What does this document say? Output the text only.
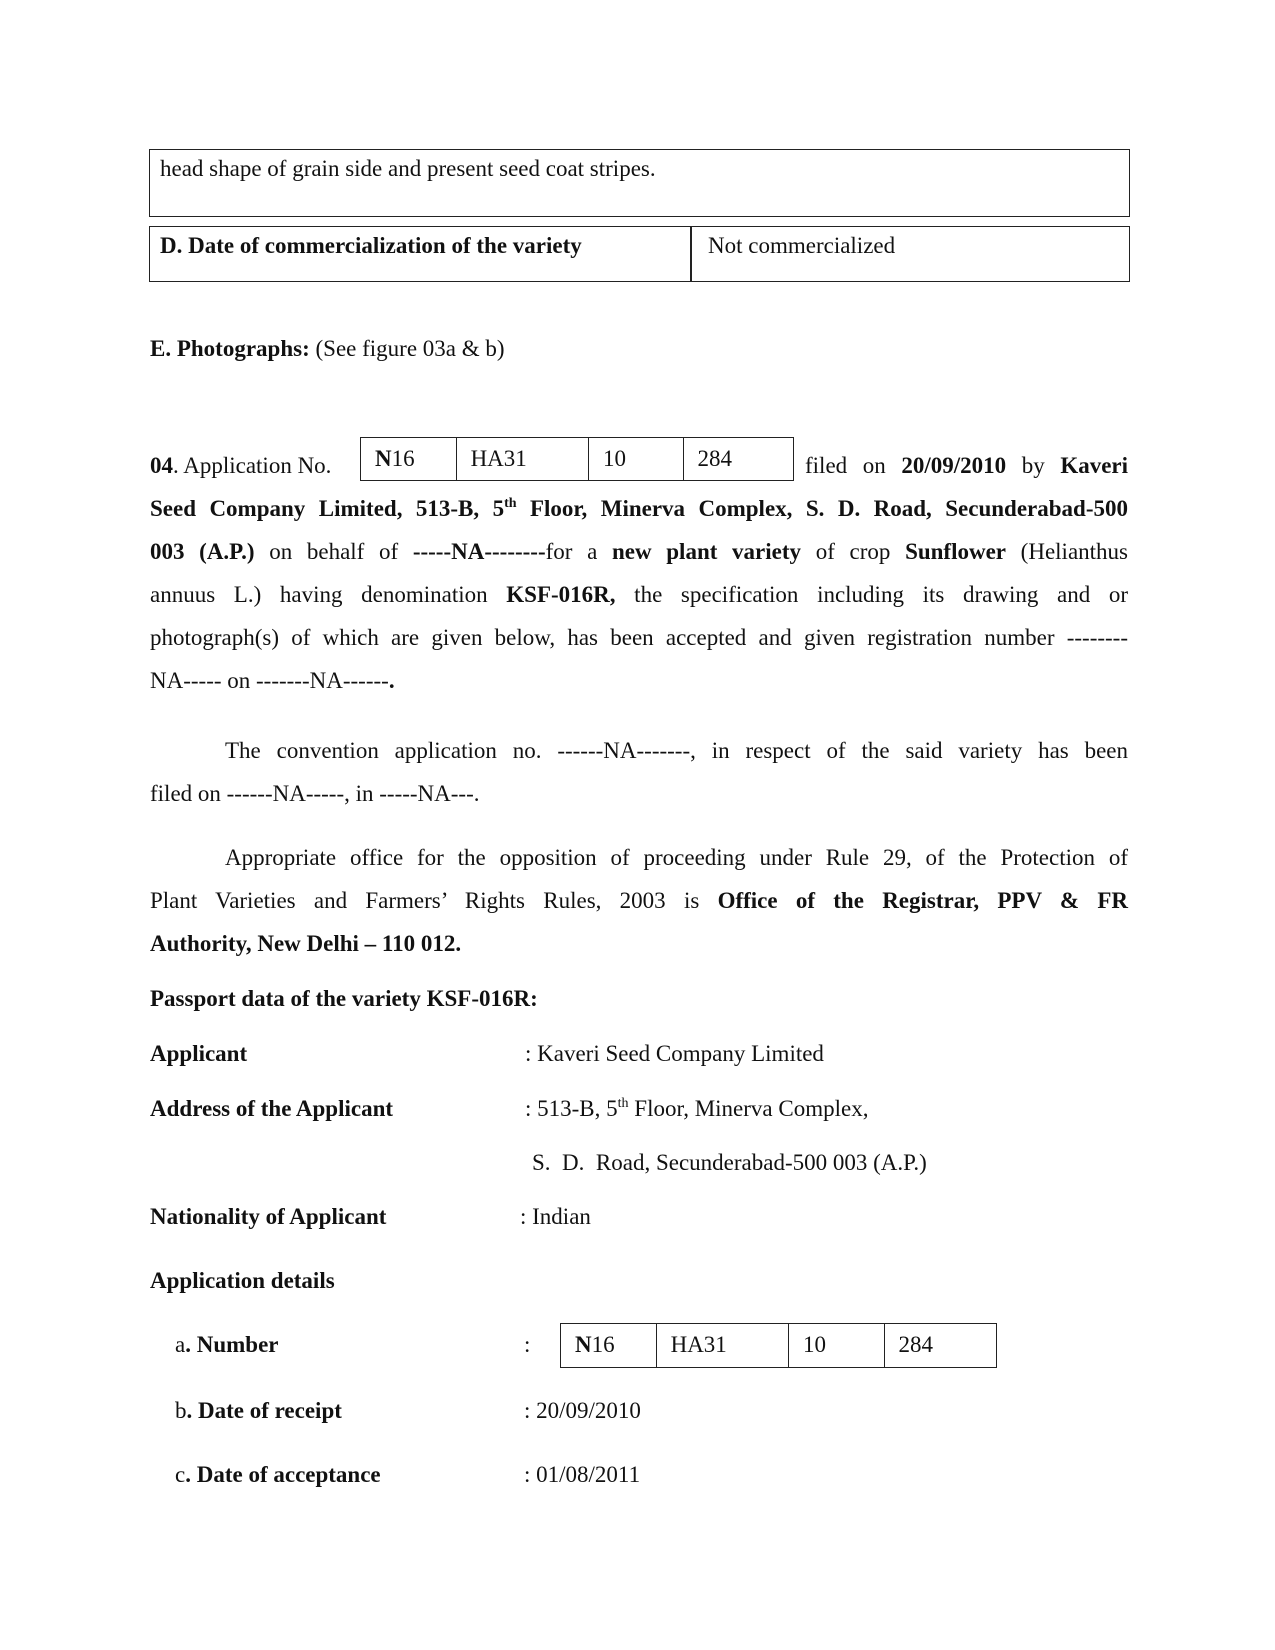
head shape of grain side and present seed coat stripes.
D. Date of commercialization of the variety	Not commercialized
E. Photographs: (See figure 03a & b)
04. Application No.	N16	HA31	10	284	filed on 20/09/2010 by Kaveri
Seed Company Limited, 513-B, 5th Floor, Minerva Complex, S. D. Road, Secunderabad-500
003 (A.P.) on behalf of -----NA--------for a new plant variety of crop Sunflower (Helianthus
annuus L.) having denomination KSF-016R, the specification including its drawing and or
photograph(s) of which are given below, has been accepted and given registration number --------
NA----- on -------NA------.
The convention application no. ------NA-------, in respect of the said variety has been
filed on ------NA-----, in -----NA---.
Appropriate office for the opposition of proceeding under Rule 29, of the Protection of
Plant Varieties and Farmers’ Rights Rules, 2003 is Office of the Registrar, PPV & FR
Authority, New Delhi – 110 012.
Passport data of the variety KSF-016R:
Applicant	: Kaveri Seed Company Limited
Address of the Applicant	: 513-B, 5th Floor, Minerva Complex,
S.  D.  Road, Secunderabad-500 003 (A.P.)
Nationality of Applicant	: Indian
Application details
a. Number	:	N16	HA31	10	284
b. Date of receipt	: 20/09/2010
c. Date of acceptance	: 01/08/2011
